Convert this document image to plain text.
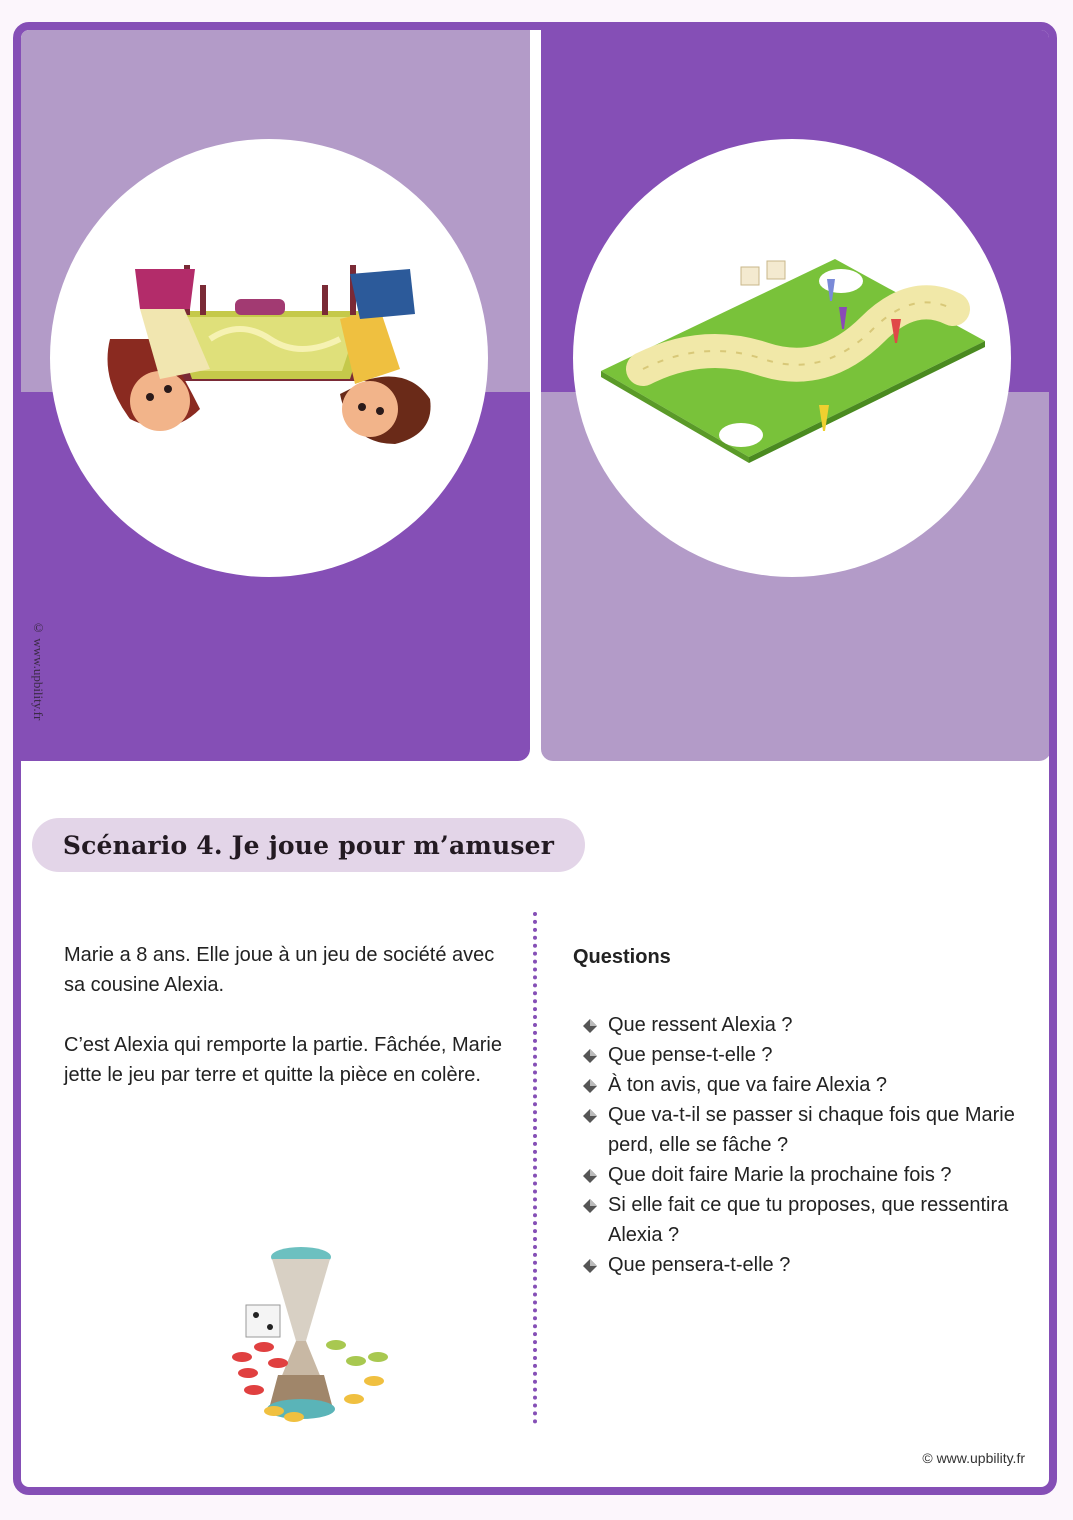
© www.upbility.fr
Scénario 4. Je joue pour m’amuser

Marie a 8 ans. Elle joue à un jeu de société avec sa cousine Alexia.

C’est Alexia qui remporte la partie. Fâchée, Marie jette le jeu par terre et quitte la pièce en colère.

Questions
Que ressent Alexia ?
Que pense-t-elle ?
À ton avis, que va faire Alexia ?
Que va-t-il se passer si chaque fois que Marie perd, elle se fâche ?
Que doit faire Marie la prochaine fois ?
Si elle fait ce que tu proposes, que ressentira Alexia ?
Que pensera-t-elle ?
© www.upbility.fr
